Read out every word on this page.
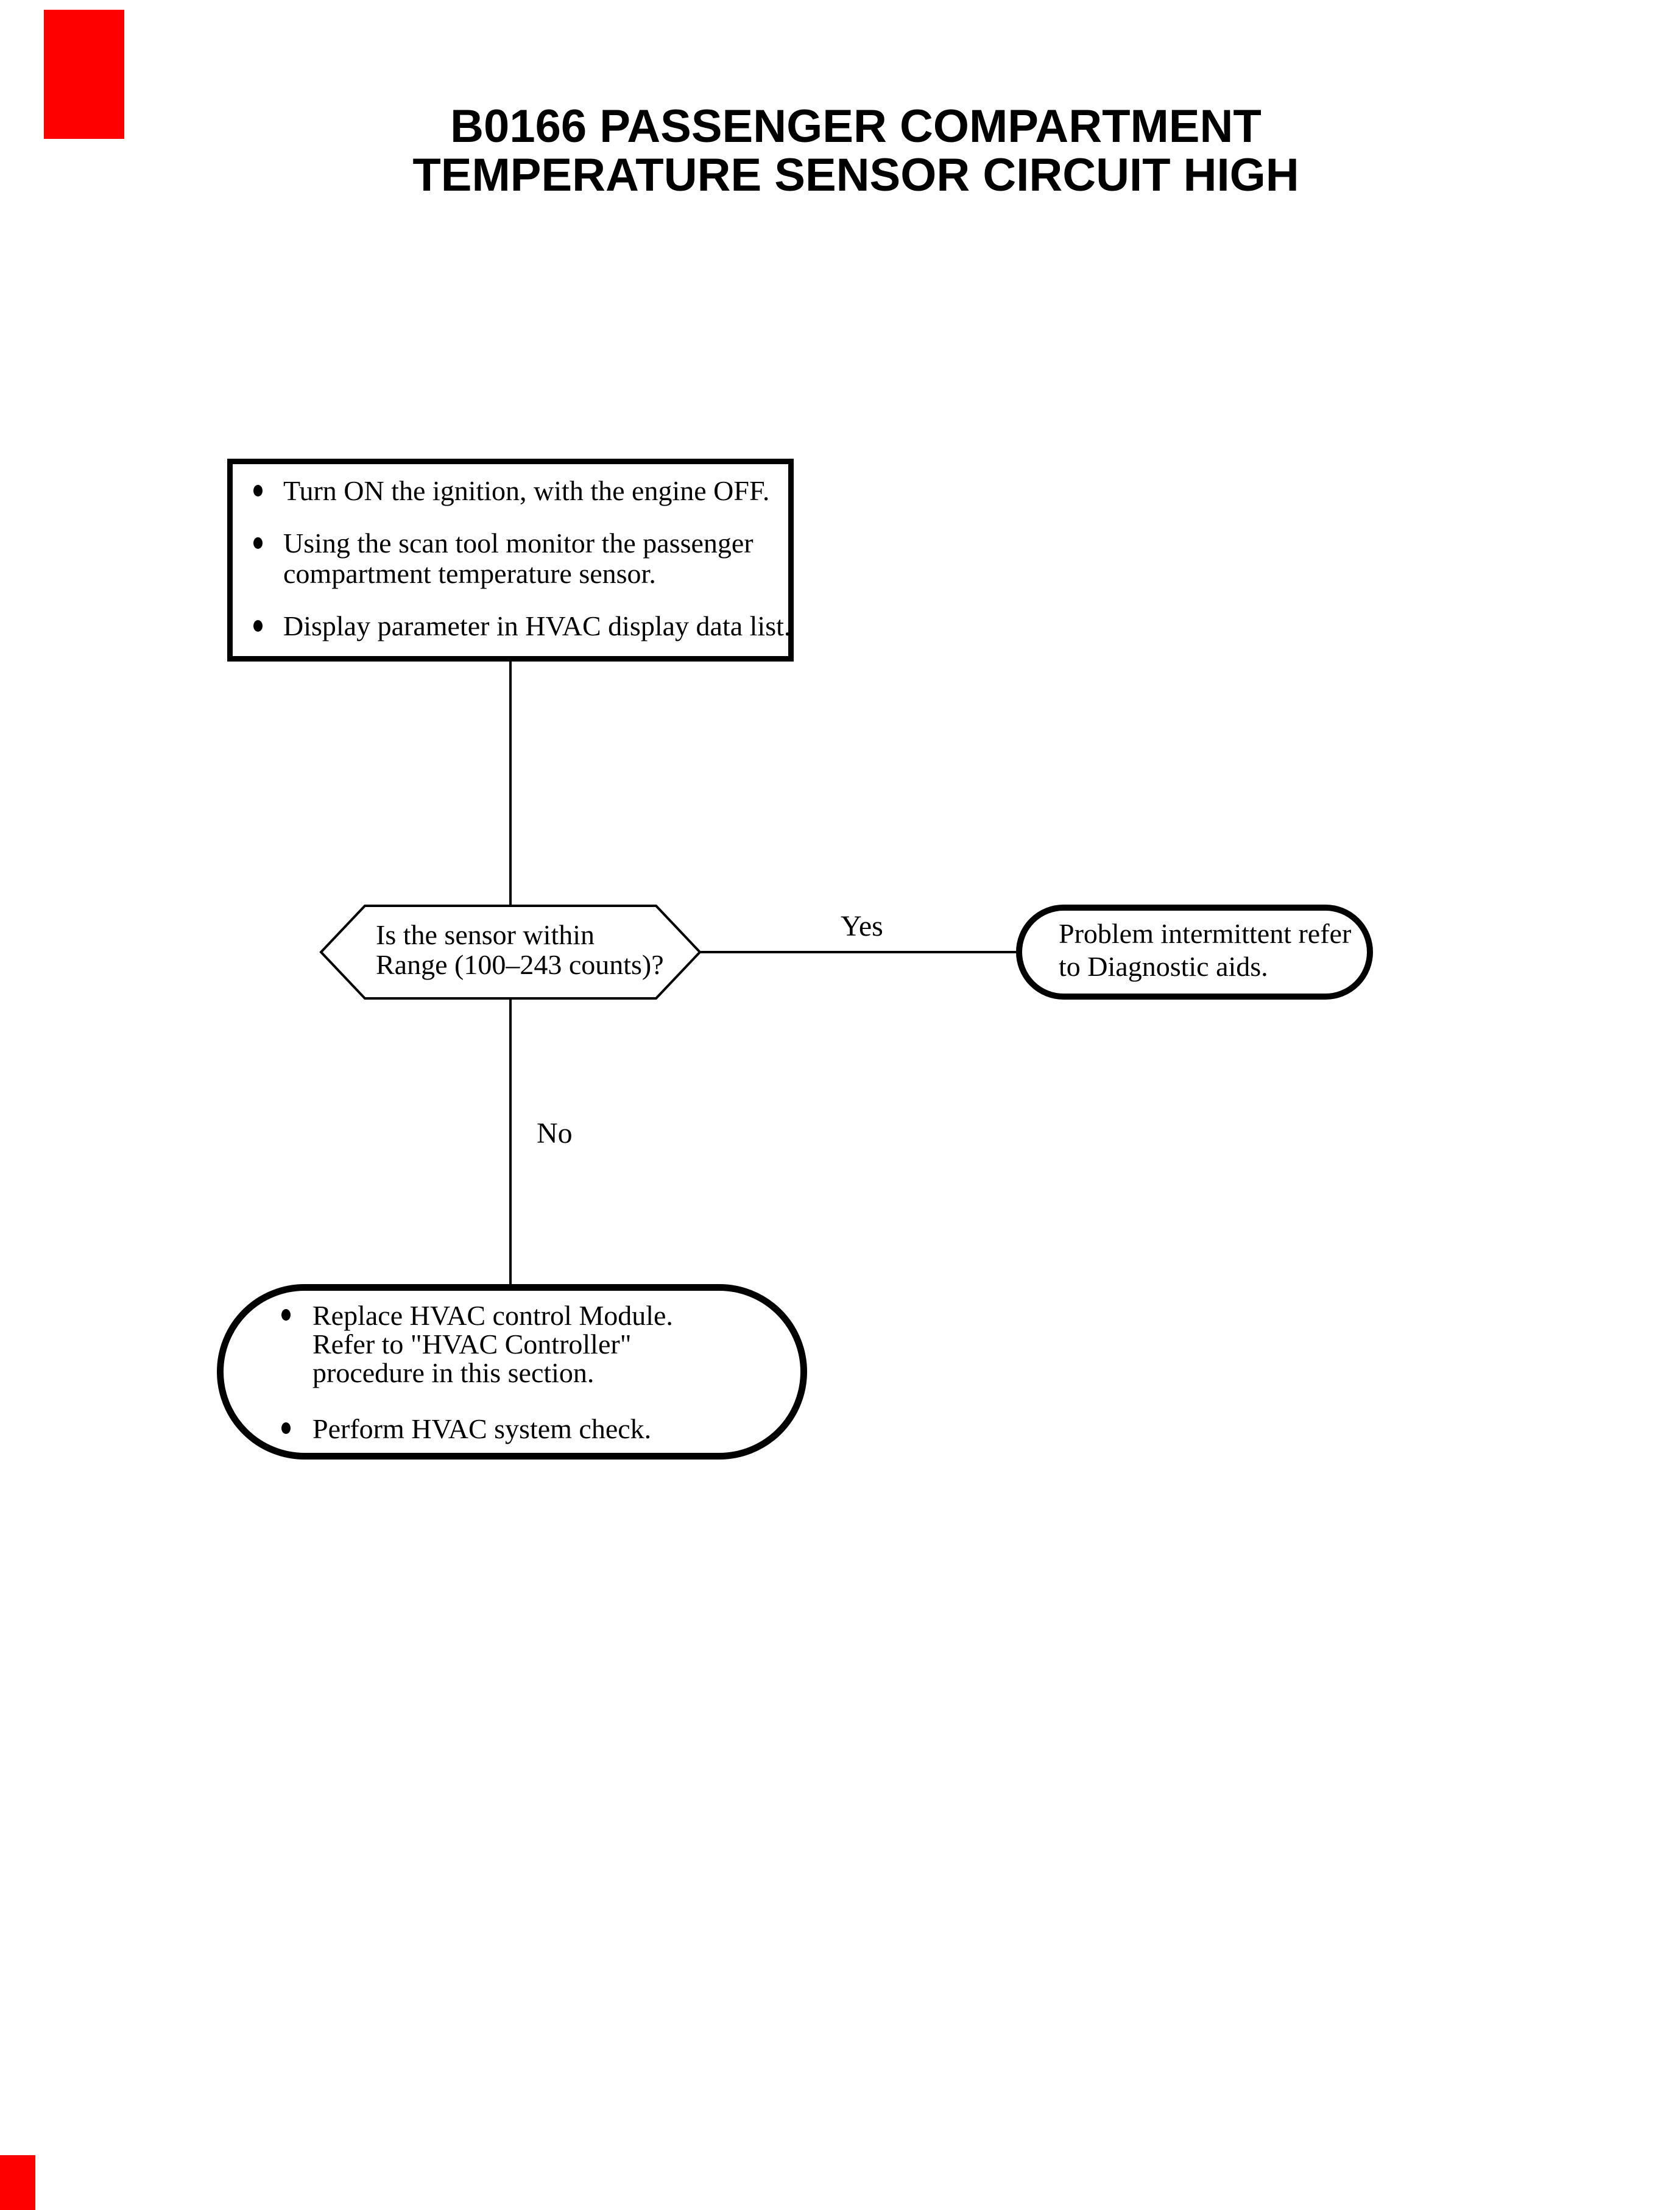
B0166 PASSENGER COMPARTMENT
TEMPERATURE SENSOR CIRCUIT HIGH
Turn ON the ignition, with the engine OFF.
Using the scan tool monitor the passenger
compartment temperature sensor.
Display parameter in HVAC display data list.
Is the sensor within
Range (100–243 counts)?
Yes
No
Problem intermittent refer
to Diagnostic aids.
Replace HVAC control Module.
Refer to "HVAC Controller"
procedure in this section.
Perform HVAC system check.
